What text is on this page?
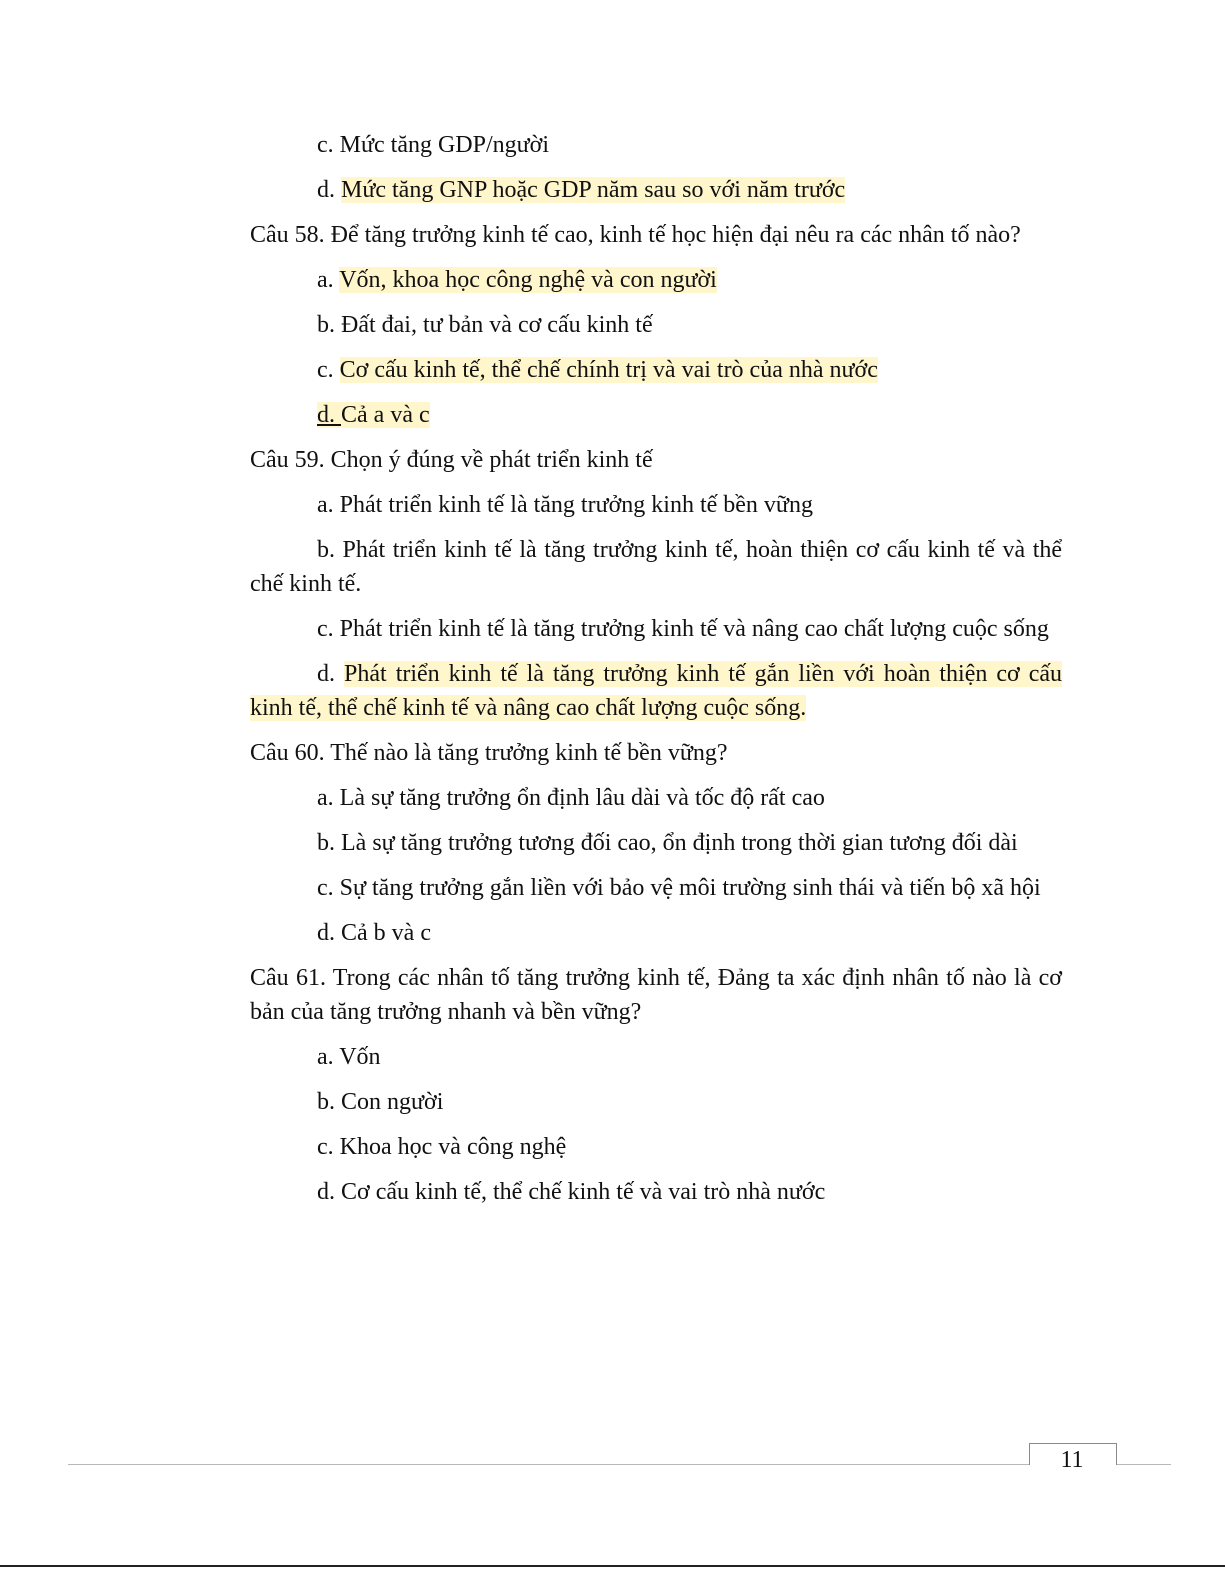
c. Mức tăng GDP/người
d. Mức tăng GNP hoặc GDP năm sau so với năm trước
Câu 58. Để tăng trưởng kinh tế cao, kinh tế học hiện đại nêu ra các nhân tố nào?
a. Vốn, khoa học công nghệ và con người
b. Đất đai, tư bản và cơ cấu kinh tế
c. Cơ cấu kinh tế, thể chế chính trị và vai trò của nhà nước
d. Cả a và c
Câu 59. Chọn ý đúng về phát triển kinh tế
a. Phát triển kinh tế là tăng trưởng kinh tế bền vững
b. Phát triển kinh tế là tăng trưởng kinh tế, hoàn thiện cơ cấu kinh tế và thể chế kinh tế.
c. Phát triển kinh tế là tăng trưởng kinh tế và nâng cao chất lượng cuộc sống
d. Phát triển kinh tế là tăng trưởng kinh tế gắn liền với hoàn thiện cơ cấu kinh tế, thể chế kinh tế và nâng cao chất lượng cuộc sống.
Câu 60. Thế nào là tăng trưởng kinh tế bền vững?
a. Là sự tăng trưởng ổn định lâu dài và tốc độ rất cao
b. Là sự tăng trưởng tương đối cao, ổn định trong thời gian tương đối dài
c. Sự tăng trưởng gắn liền với bảo vệ môi trường sinh thái và tiến bộ xã hội
d. Cả b và c
Câu 61. Trong các nhân tố tăng trưởng kinh tế, Đảng ta xác định nhân tố nào là cơ bản của tăng trưởng nhanh và bền vững?
a. Vốn
b. Con người
c. Khoa học và công nghệ
d. Cơ cấu kinh tế, thể chế kinh tế và vai trò nhà nước
11
